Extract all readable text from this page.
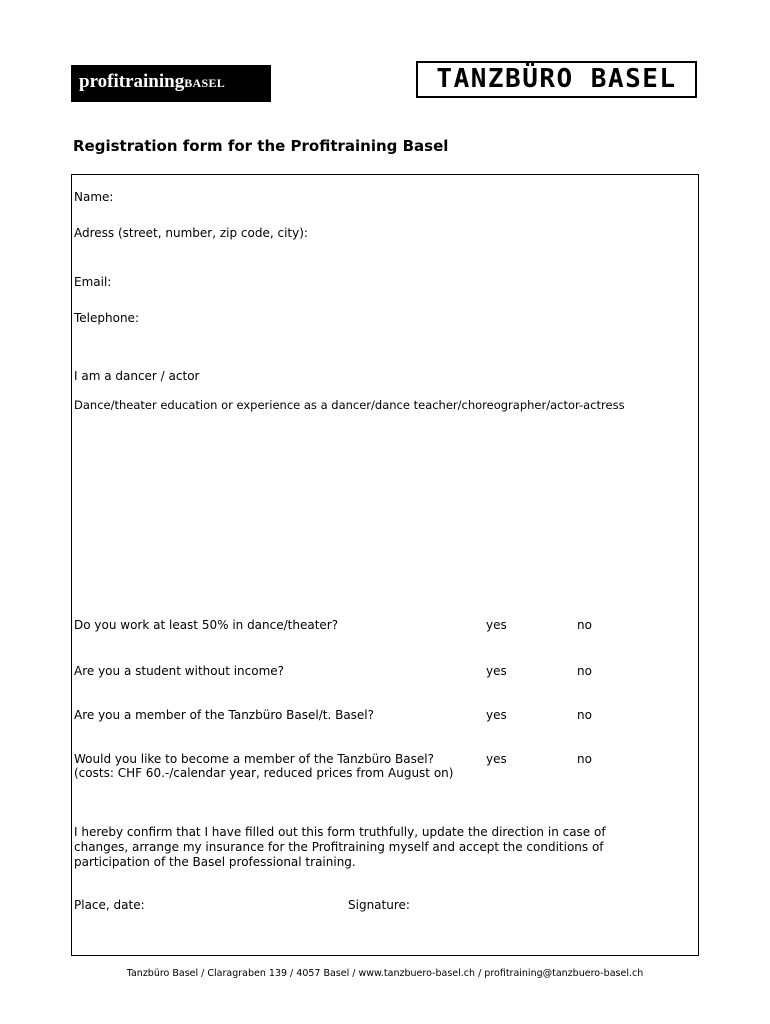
profitrainingBASEL	TANZBÜRO BASEL
Registration form for the Profitraining Basel
Name:
Adress (street, number, zip code, city):
Email:
Telephone:
I am a dancer / actor
Dance/theater education or experience as a dancer/dance teacher/choreographer/actor-actress
Do you work at least 50% in dance/theater?	yes	no
Are you a student without income?	yes	no
Are you a member of the Tanzbüro Basel/t. Basel?	yes	no
Would you like to become a member of the Tanzbüro Basel?	yes	no
(costs: CHF 60.-/calendar year, reduced prices from August on)
I hereby confirm that I have filled out this form truthfully, update the direction in case of
changes, arrange my insurance for the Profitraining myself and accept the conditions of
participation of the Basel professional training.
Place, date:	Signature:
Tanzbüro Basel / Claragraben 139 / 4057 Basel / www.tanzbuero-basel.ch / profitraining@tanzbuero-basel.ch
